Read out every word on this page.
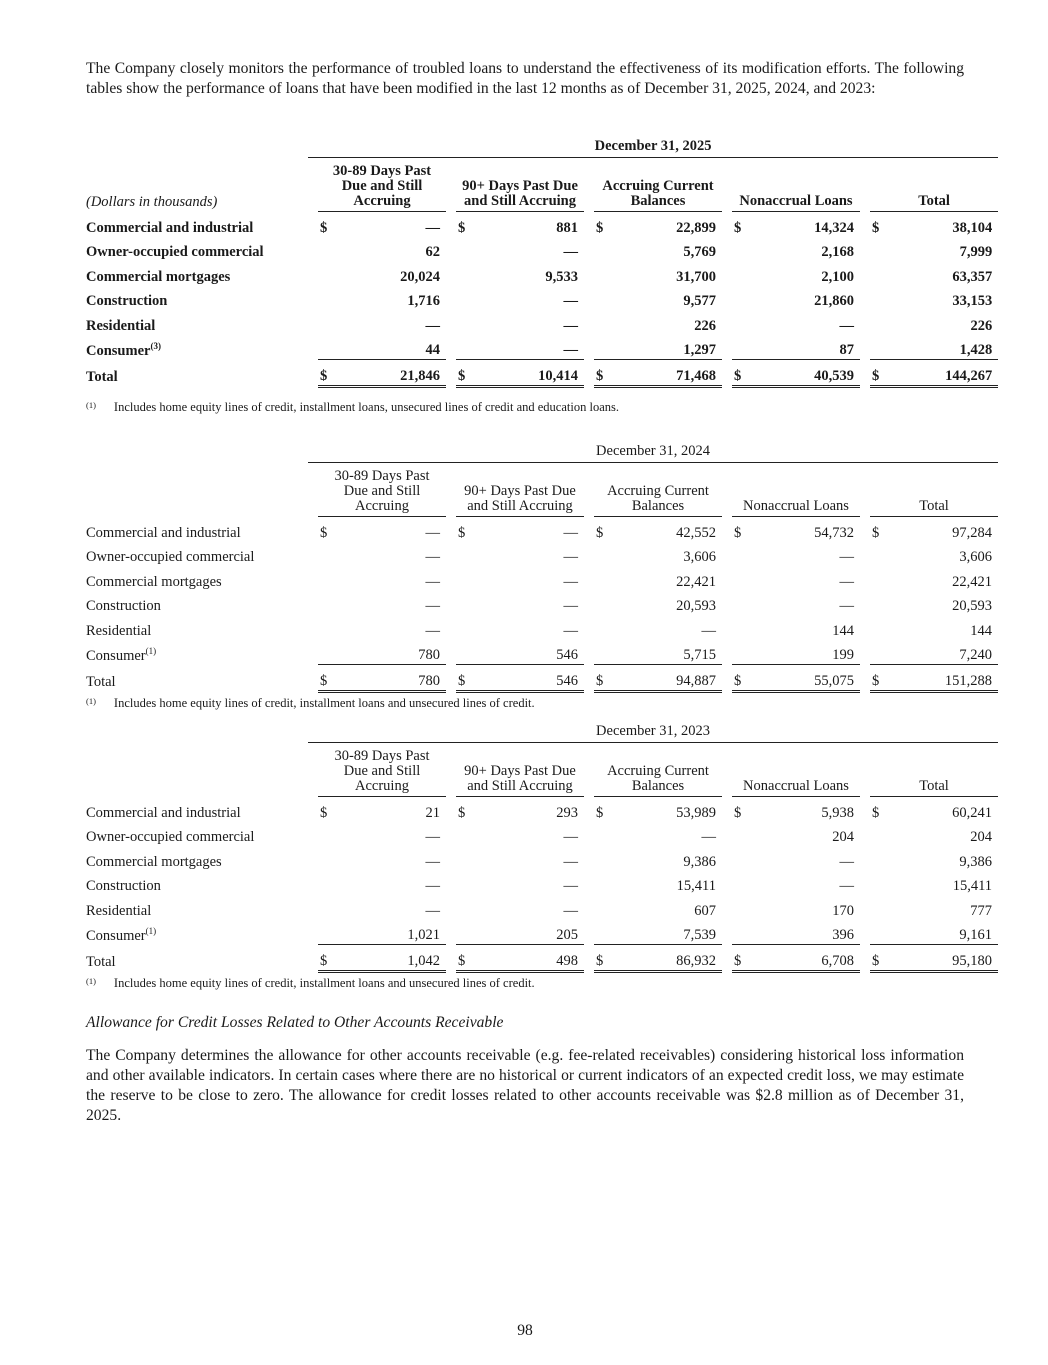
The Company closely monitors the performance of troubled loans to understand the effectiveness of its modification efforts. The following tables show the performance of loans that have been modified in the last 12 months as of December 31, 2025, 2024, and 2023:

	December 31, 2025														
(Dollars in thousands)		30-89 Days Past Due and Still Accruing			90+ Days Past Due and Still Accruing			Accruing Current Balances			Nonaccrual Loans			Total	
Commercial and industrial		$	—		$	881		$	22,899		$	14,324		$	38,104
Owner-occupied commercial			62			—			5,769			2,168			7,999
Commercial mortgages			20,024			9,533			31,700			2,100			63,357
Construction			1,716			—			9,577			21,860			33,153
Residential			—			—			226			—			226
Consumer$^{(3)}$			44			—			1,297			87			1,428
Total		$	21,846		$	10,414		$	71,468		$	40,539		$	144,267
$^{(1)}$ Includes home equity lines of credit, installment loans, unsecured lines of credit and education loans.
	December 31, 2024														
		30-89 Days Past Due and Still Accruing			90+ Days Past Due and Still Accruing			Accruing Current Balances			Nonaccrual Loans			Total	
Commercial and industrial		$	—		$	—		$	42,552		$	54,732		$	97,284
Owner-occupied commercial			—			—			3,606			—			3,606
Commercial mortgages			—			—			22,421			—			22,421
Construction			—			—			20,593			—			20,593
Residential			—			—			—			144			144
Consumer$^{(1)}$			780			546			5,715			199			7,240
Total		$	780		$	546		$	94,887		$	55,075		$	151,288
$^{(1)}$ Includes home equity lines of credit, installment loans and unsecured lines of credit.
	December 31, 2023														
		30-89 Days Past Due and Still Accruing			90+ Days Past Due and Still Accruing			Accruing Current Balances			Nonaccrual Loans			Total	
Commercial and industrial		$	21		$	293		$	53,989		$	5,938		$	60,241
Owner-occupied commercial			—			—			—			204			204
Commercial mortgages			—			—			9,386			—			9,386
Construction			—			—			15,411			—			15,411
Residential			—			—			607			170			777
Consumer$^{(1)}$			1,021			205			7,539			396			9,161
Total		$	1,042		$	498		$	86,932		$	6,708		$	95,180
$^{(1)}$ Includes home equity lines of credit, installment loans and unsecured lines of credit.
Allowance for Credit Losses Related to Other Accounts Receivable

The Company determines the allowance for other accounts receivable (e.g. fee-related receivables) considering historical loss information and other available indicators. In certain cases where there are no historical or current indicators of an expected credit loss, we may estimate the reserve to be close to zero. The allowance for credit losses related to other accounts receivable was $2.8 million as of December 31, 2025.

98
